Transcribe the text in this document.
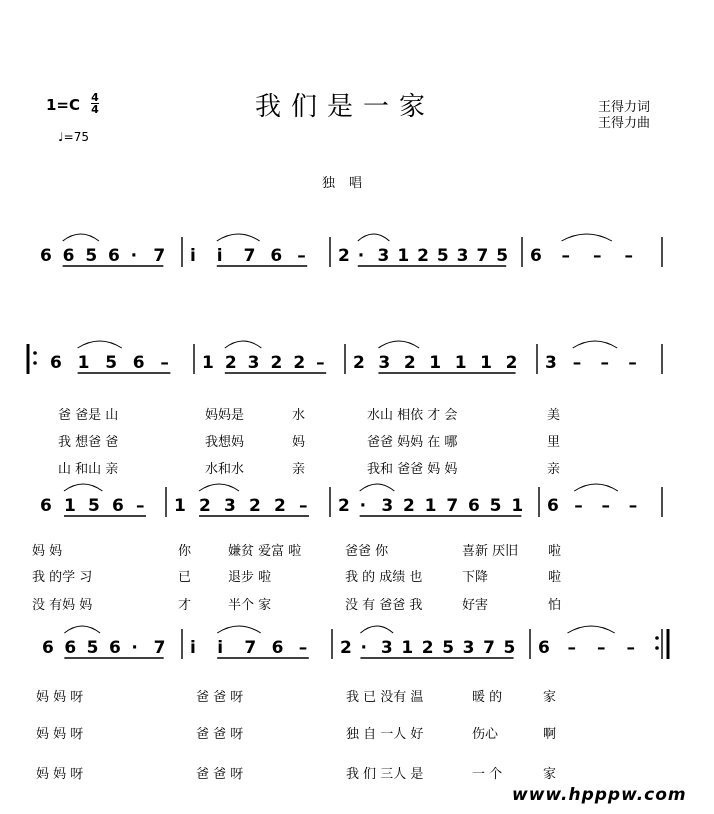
1=C 4
4
♩=75
我们是一家	王得力词
王得力曲
独唱
6 6 5 6 · 7 i i 7 6 – 2 · 3 1 2 5 3 7 5 6 – – –
6 1 5 6 – 1 2 3 2 2 – 2 3 2 1 1 1 2 3 – – –
6 1 5 6 – 1 2 3 2 2 – 2 · 3 2 1 7 6 5 1 6 – – –
6 6 5 6 · 7 i i 7 6 – 2 · 3 1 2 5 3 7 5 6 – – –
爸 爸是 山	妈妈是	水	水山 相依 才 会	美
我 想爸 爸	我想妈	妈	爸爸 妈妈 在 哪	里
山 和山 亲	水和水	亲	我和 爸爸 妈 妈	亲
妈 妈	你	嫌贫 爱富 啦	爸爸 你	喜新 厌旧 啦
我 的学 习	已	退步 啦	我 的 成绩 也	下降	啦
没 有妈 妈	才	半个 家	没 有 爸爸 我	好害	怕
妈 妈 呀	爸 爸 呀	我 已 没有 温	暖 的	家
妈 妈 呀	爸 爸 呀	独 自 一人 好	伤心	啊
妈 妈 呀	爸 爸 呀	我 们 三人 是	一 个	家
www.hpppw.com
